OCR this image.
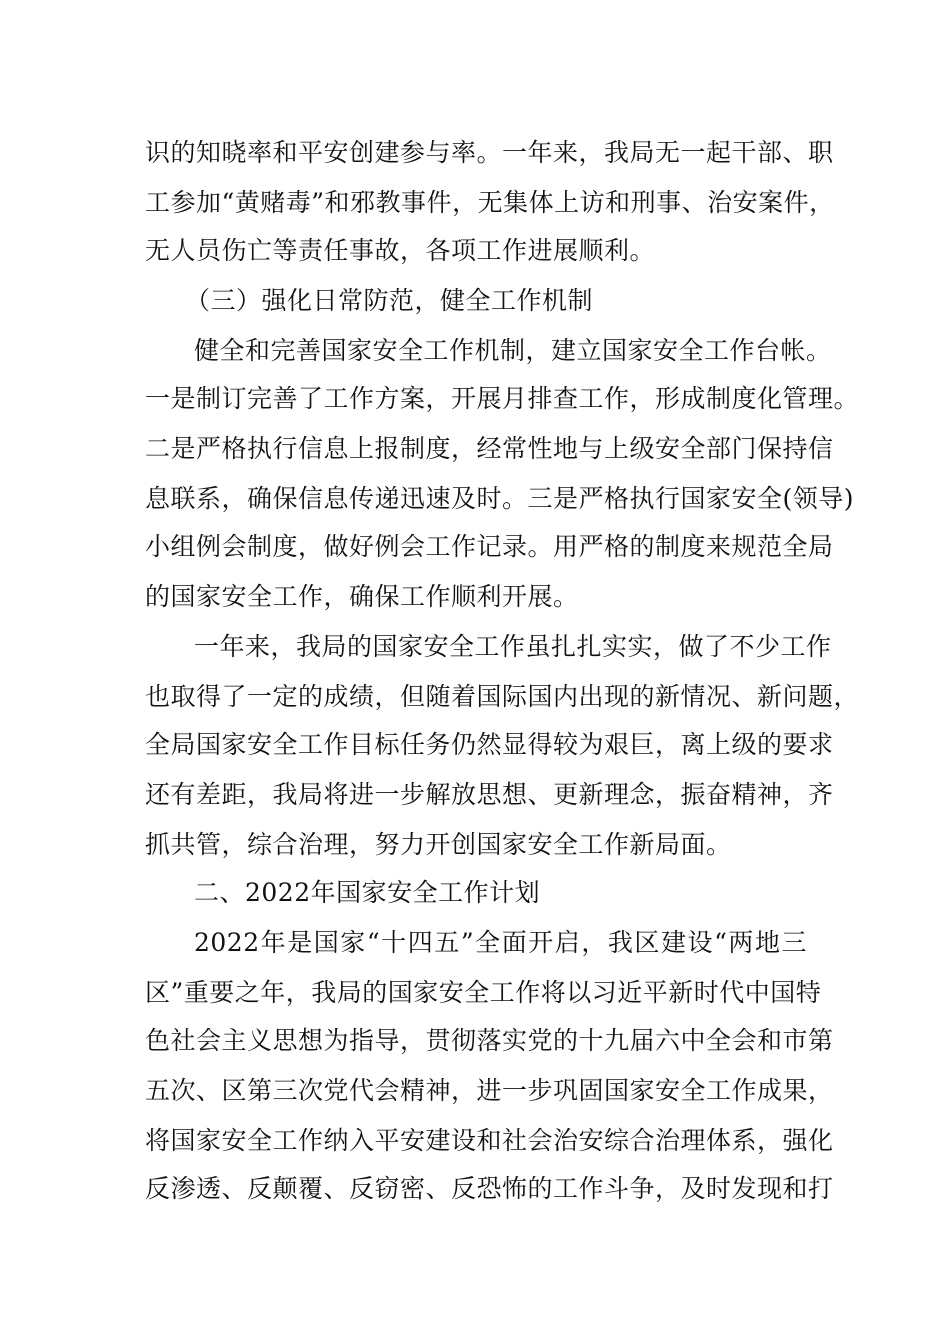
识的知晓率和平安创建参与率。一年来，我局无一起干部、职
工参加“黄赌毒”和邪教事件，无集体上访和刑事、治安案件，
无人员伤亡等责任事故，各项工作进展顺利。
（三）强化日常防范，健全工作机制
健全和完善国家安全工作机制，建立国家安全工作台帐。
一是制订完善了工作方案，开展月排查工作，形成制度化管理。
二是严格执行信息上报制度，经常性地与上级安全部门保持信
息联系，确保信息传递迅速及时。三是严格执行国家安全(领导)
小组例会制度，做好例会工作记录。用严格的制度来规范全局
的国家安全工作，确保工作顺利开展。
一年来，我局的国家安全工作虽扎扎实实，做了不少工作
也取得了一定的成绩，但随着国际国内出现的新情况、新问题，
全局国家安全工作目标任务仍然显得较为艰巨，离上级的要求
还有差距，我局将进一步解放思想、更新理念，振奋精神，齐
抓共管，综合治理，努力开创国家安全工作新局面。
二、2022年国家安全工作计划
2022年是国家“十四五”全面开启，我区建设“两地三
区”重要之年，我局的国家安全工作将以习近平新时代中国特
色社会主义思想为指导，贯彻落实党的十九届六中全会和市第
五次、区第三次党代会精神，进一步巩固国家安全工作成果，
将国家安全工作纳入平安建设和社会治安综合治理体系，强化
反渗透、反颠覆、反窃密、反恐怖的工作斗争，及时发现和打
